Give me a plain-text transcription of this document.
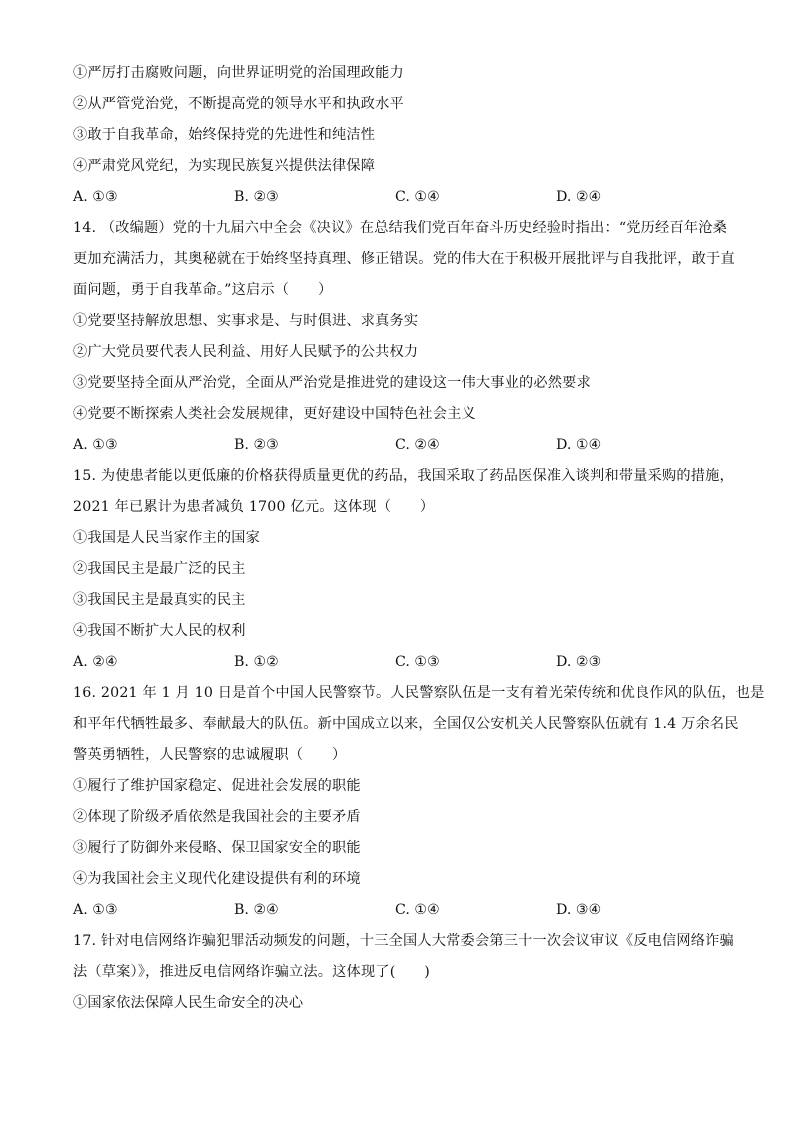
①严厉打击腐败问题，向世界证明党的治国理政能力
②从严管党治党，不断提高党的领导水平和执政水平
③敢于自我革命，始终保持党的先进性和纯洁性
④严肃党风党纪，为实现民族复兴提供法律保障
A. ①③	B. ②③	C. ①④	D. ②④
14. （改编题）党的十九届六中全会《决议》在总结我们党百年奋斗历史经验时指出：“党历经百年沧桑
更加充满活力，其奥秘就在于始终坚持真理、修正错误。党的伟大在于积极开展批评与自我批评，敢于直
面问题，勇于自我革命。”这启示（　　）
①党要坚持解放思想、实事求是、与时俱进、求真务实
②广大党员要代表人民利益、用好人民赋予的公共权力
③党要坚持全面从严治党，全面从严治党是推进党的建设这一伟大事业的必然要求
④党要不断探索人类社会发展规律，更好建设中国特色社会主义
A. ①③	B. ②③	C. ②④	D. ①④
15. 为使患者能以更低廉的价格获得质量更优的药品，我国采取了药品医保准入谈判和带量采购的措施，
2021 年已累计为患者减负 1700 亿元。这体现（　　）
①我国是人民当家作主的国家
②我国民主是最广泛的民主
③我国民主是最真实的民主
④我国不断扩大人民的权利
A. ②④	B. ①②	C. ①③	D. ②③
16. 2021 年 1 月 10 日是首个中国人民警察节。人民警察队伍是一支有着光荣传统和优良作风的队伍，也是
和平年代牺牲最多、奉献最大的队伍。新中国成立以来，全国仅公安机关人民警察队伍就有 1.4 万余名民
警英勇牺牲，人民警察的忠诚履职（　　）
①履行了维护国家稳定、促进社会发展的职能
②体现了阶级矛盾依然是我国社会的主要矛盾
③履行了防御外来侵略、保卫国家安全的职能
④为我国社会主义现代化建设提供有利的环境
A. ①③	B. ②④	C. ①④	D. ③④
17. 针对电信网络诈骗犯罪活动频发的问题，十三全国人大常委会第三十一次会议审议《反电信网络诈骗
法（草案）》，推进反电信网络诈骗立法。这体现了(　　)
①国家依法保障人民生命安全的决心
